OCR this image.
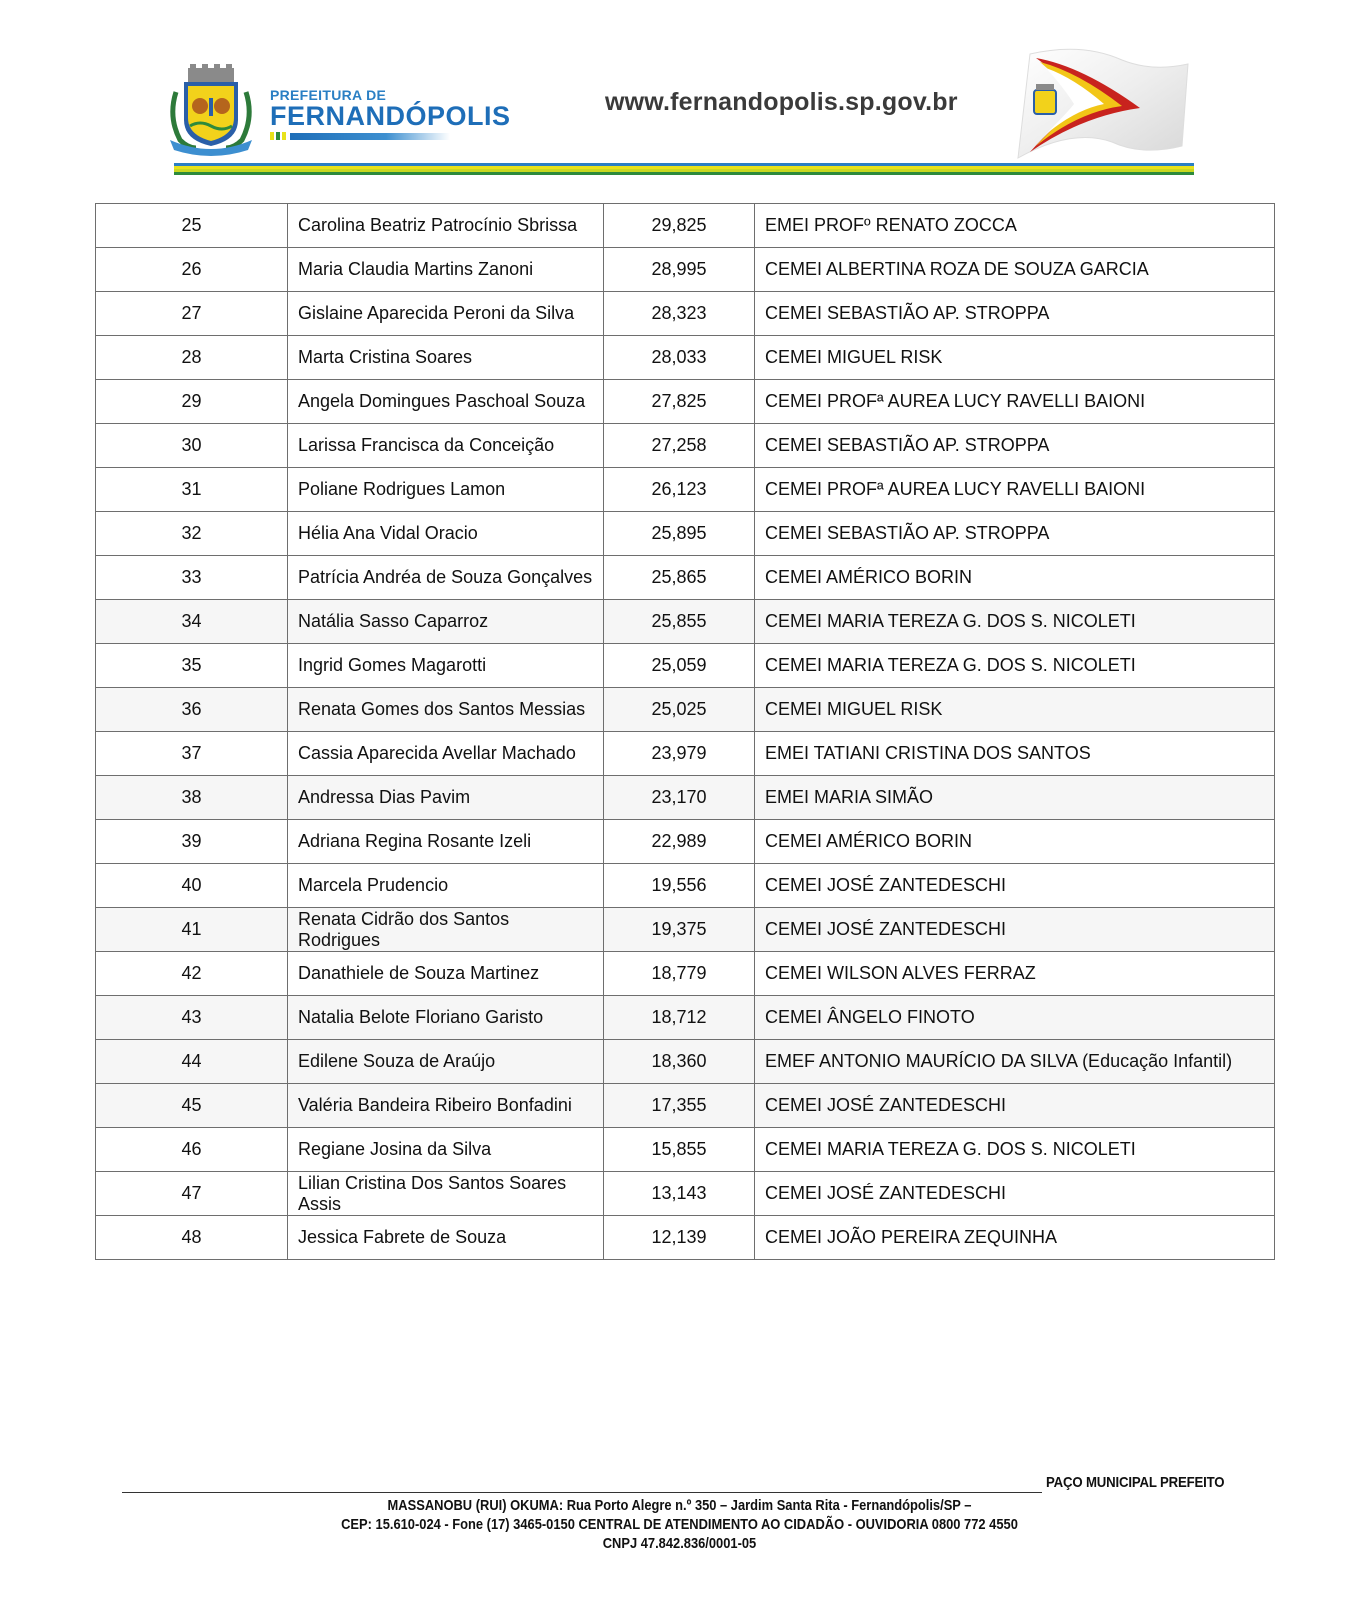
PREFEITURA DE
FERNANDÓPOLIS	www.fernandopolis.sp.gov.br
25	Carolina Beatriz Patrocínio Sbrissa	29,825	EMEI PROFº RENATO ZOCCA
26	Maria Claudia Martins Zanoni	28,995	CEMEI ALBERTINA ROZA DE SOUZA GARCIA
27	Gislaine Aparecida Peroni da Silva	28,323	CEMEI SEBASTIÃO AP. STROPPA
28	Marta Cristina Soares	28,033	CEMEI MIGUEL RISK
29	Angela Domingues Paschoal Souza	27,825	CEMEI PROFª AUREA LUCY RAVELLI BAIONI
30	Larissa Francisca da Conceição	27,258	CEMEI SEBASTIÃO AP. STROPPA
31	Poliane Rodrigues Lamon	26,123	CEMEI PROFª AUREA LUCY RAVELLI BAIONI
32	Hélia Ana Vidal Oracio	25,895	CEMEI SEBASTIÃO AP. STROPPA
33	Patrícia Andréa de Souza Gonçalves	25,865	CEMEI AMÉRICO BORIN
34	Natália Sasso Caparroz	25,855	CEMEI MARIA TEREZA G. DOS S. NICOLETI
35	Ingrid Gomes Magarotti	25,059	CEMEI MARIA TEREZA G. DOS S. NICOLETI
36	Renata Gomes dos Santos Messias	25,025	CEMEI MIGUEL RISK
37	Cassia Aparecida Avellar Machado	23,979	EMEI TATIANI CRISTINA DOS SANTOS
38	Andressa Dias Pavim	23,170	EMEI MARIA SIMÃO
39	Adriana Regina Rosante Izeli	22,989	CEMEI AMÉRICO BORIN
40	Marcela Prudencio	19,556	CEMEI JOSÉ ZANTEDESCHI
41	Renata Cidrão dos Santos Rodrigues	19,375	CEMEI JOSÉ ZANTEDESCHI
42	Danathiele de Souza Martinez	18,779	CEMEI WILSON ALVES FERRAZ
43	Natalia Belote Floriano Garisto	18,712	CEMEI ÂNGELO FINOTO
44	Edilene Souza de Araújo	18,360	EMEF ANTONIO MAURÍCIO DA SILVA (Educação Infantil)
45	Valéria Bandeira Ribeiro Bonfadini	17,355	CEMEI JOSÉ ZANTEDESCHI
46	Regiane Josina da Silva	15,855	CEMEI MARIA TEREZA G. DOS S. NICOLETI
47	Lilian Cristina Dos Santos Soares Assis	13,143	CEMEI JOSÉ ZANTEDESCHI
48	Jessica Fabrete de Souza	12,139	CEMEI JOÃO PEREIRA ZEQUINHA
PAÇO MUNICIPAL PREFEITO
MASSANOBU (RUI) OKUMA: Rua Porto Alegre n.º 350 – Jardim Santa Rita - Fernandópolis/SP –
CEP: 15.610-024 - Fone (17) 3465-0150 CENTRAL DE ATENDIMENTO AO CIDADÃO - OUVIDORIA 0800 772 4550
CNPJ 47.842.836/0001-05
